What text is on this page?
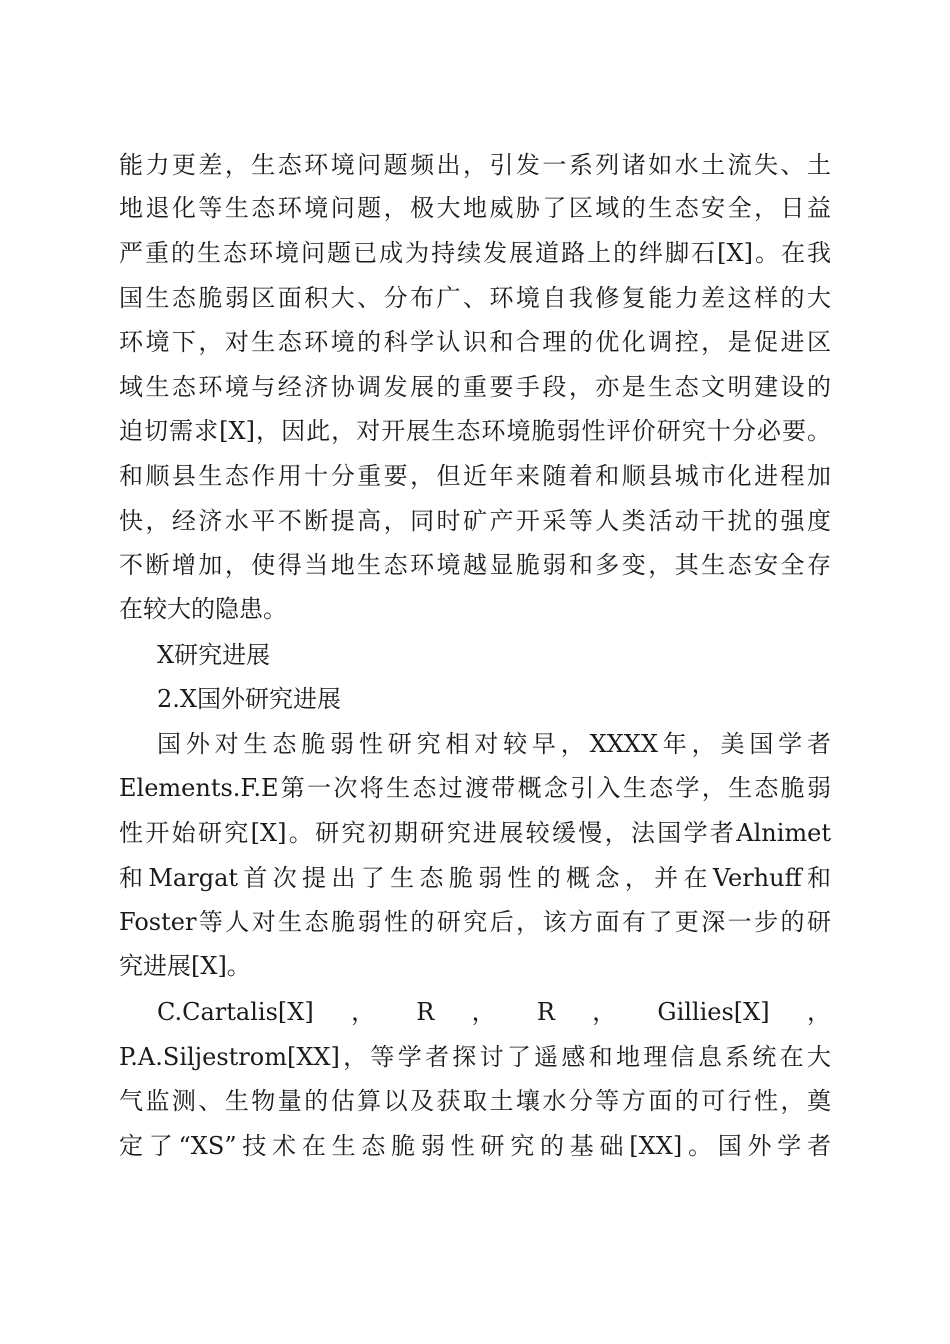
能力更差，生态环境问题频出，引发一系列诸如水土流失、土
地退化等生态环境问题，极大地威胁了区域的生态安全，日益
严重的生态环境问题已成为持续发展道路上的绊脚石[X]。在我
国生态脆弱区面积大、分布广、环境自我修复能力差这样的大
环境下，对生态环境的科学认识和合理的优化调控，是促进区
域生态环境与经济协调发展的重要手段，亦是生态文明建设的
迫切需求[X]，因此，对开展生态环境脆弱性评价研究十分必要。
和顺县生态作用十分重要，但近年来随着和顺县城市化进程加
快，经济水平不断提高，同时矿产开采等人类活动干扰的强度
不断增加，使得当地生态环境越显脆弱和多变，其生态安全存
在较大的隐患。
X研究进展
2.X国外研究进展
国外对生态脆弱性研究相对较早，XXXX年，美国学者
Elements.F.E第一次将生态过渡带概念引入生态学，生态脆弱
性开始研究[X]。研究初期研究进展较缓慢，法国学者Alnimet
和Margat首次提出了生态脆弱性的概念，并在Verhuff和
Foster等人对生态脆弱性的研究后，该方面有了更深一步的研
究进展[X]。
C.Cartalis[X] ， R ， R ， Gillies[X] ，
P.A.Siljestrom[XX]，等学者探讨了遥感和地理信息系统在大
气监测、生物量的估算以及获取土壤水分等方面的可行性，奠
定了“XS”技术在生态脆弱性研究的基础[XX]。国外学者
